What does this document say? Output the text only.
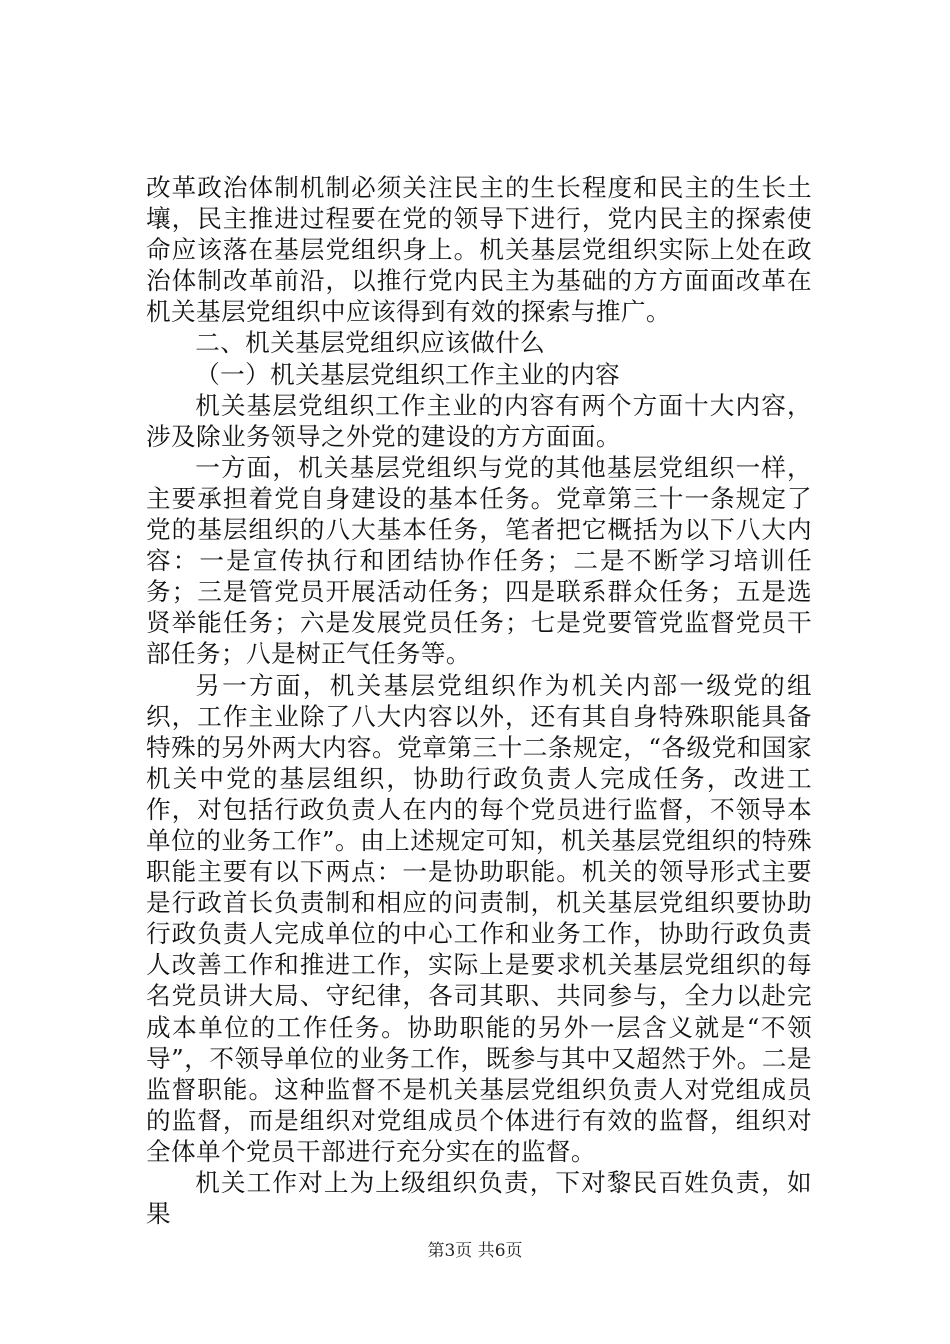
改革政治体制机制必须关注民主的生长程度和民主的生长土壤，民主推进过程要在党的领导下进行，党内民主的探索使命应该落在基层党组织身上。机关基层党组织实际上处在政治体制改革前沿，以推行党内民主为基础的方方面面改革在机关基层党组织中应该得到有效的探索与推广。

二、机关基层党组织应该做什么

（一）机关基层党组织工作主业的内容

机关基层党组织工作主业的内容有两个方面十大内容，涉及除业务领导之外党的建设的方方面面。

一方面，机关基层党组织与党的其他基层党组织一样，主要承担着党自身建设的基本任务。党章第三十一条规定了党的基层组织的八大基本任务，笔者把它概括为以下八大内容：一是宣传执行和团结协作任务；二是不断学习培训任务；三是管党员开展活动任务；四是联系群众任务；五是选贤举能任务；六是发展党员任务；七是党要管党监督党员干部任务；八是树正气任务等。

另一方面，机关基层党组织作为机关内部一级党的组织，工作主业除了八大内容以外，还有其自身特殊职能具备特殊的另外两大内容。党章第三十二条规定，“各级党和国家机关中党的基层组织，协助行政负责人完成任务，改进工作，对包括行政负责人在内的每个党员进行监督，不领导本单位的业务工作”。由上述规定可知，机关基层党组织的特殊职能主要有以下两点：一是协助职能。机关的领导形式主要是行政首长负责制和相应的问责制，机关基层党组织要协助行政负责人完成单位的中心工作和业务工作，协助行政负责人改善工作和推进工作，实际上是要求机关基层党组织的每名党员讲大局、守纪律，各司其职、共同参与，全力以赴完成本单位的工作任务。协助职能的另外一层含义就是“不领导”，不领导单位的业务工作，既参与其中又超然于外。二是监督职能。这种监督不是机关基层党组织负责人对党组成员的监督，而是组织对党组成员个体进行有效的监督，组织对全体单个党员干部进行充分实在的监督。

机关工作对上为上级组织负责，下对黎民百姓负责，如果

第3页 共6页
